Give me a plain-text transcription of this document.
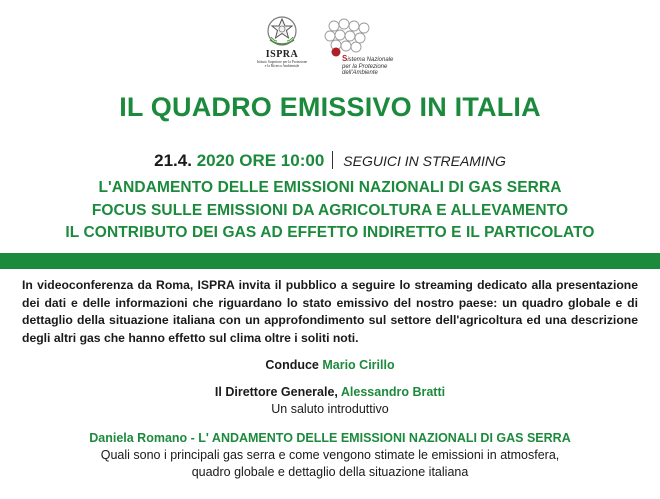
ISPRA
Istituto Superiore per la Protezione
e la Ricerca Ambientale
Sistema Nazionale
per la Protezione
dell'Ambiente
IL QUADRO EMISSIVO IN ITALIA
21.4. 2020 ORE 10:00 SEGUICI IN STREAMING
L'ANDAMENTO DELLE EMISSIONI NAZIONALI DI GAS SERRA
FOCUS SULLE EMISSIONI DA AGRICOLTURA E ALLEVAMENTO
IL CONTRIBUTO DEI GAS AD EFFETTO INDIRETTO E IL PARTICOLATO
In videoconferenza da Roma, ISPRA invita il pubblico a seguire lo streaming dedicato alla presentazione dei dati e delle informazioni che riguardano lo stato emissivo del nostro paese: un quadro globale e di dettaglio della situazione italiana con un approfondimento sul settore dell'agricoltura ed una descrizione degli altri gas che hanno effetto sul clima oltre i soliti noti.
Conduce Mario Cirillo
Il Direttore Generale, Alessandro Bratti
Un saluto introduttivo
Daniela Romano - L' ANDAMENTO DELLE EMISSIONI NAZIONALI DI GAS SERRA
Quali sono i principali gas serra e come vengono stimate le emissioni in atmosfera,
quadro globale e dettaglio della situazione italiana
